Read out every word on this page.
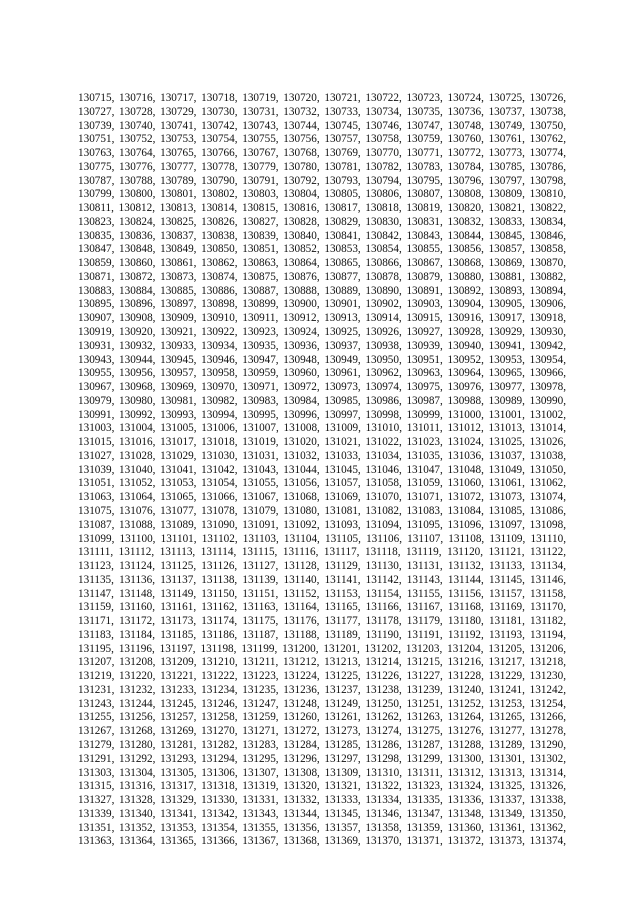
130715, 130716, 130717, 130718, 130719, 130720, 130721, 130722, 130723, 130724, 130725, 130726,
130727, 130728, 130729, 130730, 130731, 130732, 130733, 130734, 130735, 130736, 130737, 130738,
130739, 130740, 130741, 130742, 130743, 130744, 130745, 130746, 130747, 130748, 130749, 130750,
130751, 130752, 130753, 130754, 130755, 130756, 130757, 130758, 130759, 130760, 130761, 130762,
130763, 130764, 130765, 130766, 130767, 130768, 130769, 130770, 130771, 130772, 130773, 130774,
130775, 130776, 130777, 130778, 130779, 130780, 130781, 130782, 130783, 130784, 130785, 130786,
130787, 130788, 130789, 130790, 130791, 130792, 130793, 130794, 130795, 130796, 130797, 130798,
130799, 130800, 130801, 130802, 130803, 130804, 130805, 130806, 130807, 130808, 130809, 130810,
130811, 130812, 130813, 130814, 130815, 130816, 130817, 130818, 130819, 130820, 130821, 130822,
130823, 130824, 130825, 130826, 130827, 130828, 130829, 130830, 130831, 130832, 130833, 130834,
130835, 130836, 130837, 130838, 130839, 130840, 130841, 130842, 130843, 130844, 130845, 130846,
130847, 130848, 130849, 130850, 130851, 130852, 130853, 130854, 130855, 130856, 130857, 130858,
130859, 130860, 130861, 130862, 130863, 130864, 130865, 130866, 130867, 130868, 130869, 130870,
130871, 130872, 130873, 130874, 130875, 130876, 130877, 130878, 130879, 130880, 130881, 130882,
130883, 130884, 130885, 130886, 130887, 130888, 130889, 130890, 130891, 130892, 130893, 130894,
130895, 130896, 130897, 130898, 130899, 130900, 130901, 130902, 130903, 130904, 130905, 130906,
130907, 130908, 130909, 130910, 130911, 130912, 130913, 130914, 130915, 130916, 130917, 130918,
130919, 130920, 130921, 130922, 130923, 130924, 130925, 130926, 130927, 130928, 130929, 130930,
130931, 130932, 130933, 130934, 130935, 130936, 130937, 130938, 130939, 130940, 130941, 130942,
130943, 130944, 130945, 130946, 130947, 130948, 130949, 130950, 130951, 130952, 130953, 130954,
130955, 130956, 130957, 130958, 130959, 130960, 130961, 130962, 130963, 130964, 130965, 130966,
130967, 130968, 130969, 130970, 130971, 130972, 130973, 130974, 130975, 130976, 130977, 130978,
130979, 130980, 130981, 130982, 130983, 130984, 130985, 130986, 130987, 130988, 130989, 130990,
130991, 130992, 130993, 130994, 130995, 130996, 130997, 130998, 130999, 131000, 131001, 131002,
131003, 131004, 131005, 131006, 131007, 131008, 131009, 131010, 131011, 131012, 131013, 131014,
131015, 131016, 131017, 131018, 131019, 131020, 131021, 131022, 131023, 131024, 131025, 131026,
131027, 131028, 131029, 131030, 131031, 131032, 131033, 131034, 131035, 131036, 131037, 131038,
131039, 131040, 131041, 131042, 131043, 131044, 131045, 131046, 131047, 131048, 131049, 131050,
131051, 131052, 131053, 131054, 131055, 131056, 131057, 131058, 131059, 131060, 131061, 131062,
131063, 131064, 131065, 131066, 131067, 131068, 131069, 131070, 131071, 131072, 131073, 131074,
131075, 131076, 131077, 131078, 131079, 131080, 131081, 131082, 131083, 131084, 131085, 131086,
131087, 131088, 131089, 131090, 131091, 131092, 131093, 131094, 131095, 131096, 131097, 131098,
131099, 131100, 131101, 131102, 131103, 131104, 131105, 131106, 131107, 131108, 131109, 131110,
131111, 131112, 131113, 131114, 131115, 131116, 131117, 131118, 131119, 131120, 131121, 131122,
131123, 131124, 131125, 131126, 131127, 131128, 131129, 131130, 131131, 131132, 131133, 131134,
131135, 131136, 131137, 131138, 131139, 131140, 131141, 131142, 131143, 131144, 131145, 131146,
131147, 131148, 131149, 131150, 131151, 131152, 131153, 131154, 131155, 131156, 131157, 131158,
131159, 131160, 131161, 131162, 131163, 131164, 131165, 131166, 131167, 131168, 131169, 131170,
131171, 131172, 131173, 131174, 131175, 131176, 131177, 131178, 131179, 131180, 131181, 131182,
131183, 131184, 131185, 131186, 131187, 131188, 131189, 131190, 131191, 131192, 131193, 131194,
131195, 131196, 131197, 131198, 131199, 131200, 131201, 131202, 131203, 131204, 131205, 131206,
131207, 131208, 131209, 131210, 131211, 131212, 131213, 131214, 131215, 131216, 131217, 131218,
131219, 131220, 131221, 131222, 131223, 131224, 131225, 131226, 131227, 131228, 131229, 131230,
131231, 131232, 131233, 131234, 131235, 131236, 131237, 131238, 131239, 131240, 131241, 131242,
131243, 131244, 131245, 131246, 131247, 131248, 131249, 131250, 131251, 131252, 131253, 131254,
131255, 131256, 131257, 131258, 131259, 131260, 131261, 131262, 131263, 131264, 131265, 131266,
131267, 131268, 131269, 131270, 131271, 131272, 131273, 131274, 131275, 131276, 131277, 131278,
131279, 131280, 131281, 131282, 131283, 131284, 131285, 131286, 131287, 131288, 131289, 131290,
131291, 131292, 131293, 131294, 131295, 131296, 131297, 131298, 131299, 131300, 131301, 131302,
131303, 131304, 131305, 131306, 131307, 131308, 131309, 131310, 131311, 131312, 131313, 131314,
131315, 131316, 131317, 131318, 131319, 131320, 131321, 131322, 131323, 131324, 131325, 131326,
131327, 131328, 131329, 131330, 131331, 131332, 131333, 131334, 131335, 131336, 131337, 131338,
131339, 131340, 131341, 131342, 131343, 131344, 131345, 131346, 131347, 131348, 131349, 131350,
131351, 131352, 131353, 131354, 131355, 131356, 131357, 131358, 131359, 131360, 131361, 131362,
131363, 131364, 131365, 131366, 131367, 131368, 131369, 131370, 131371, 131372, 131373, 131374,
